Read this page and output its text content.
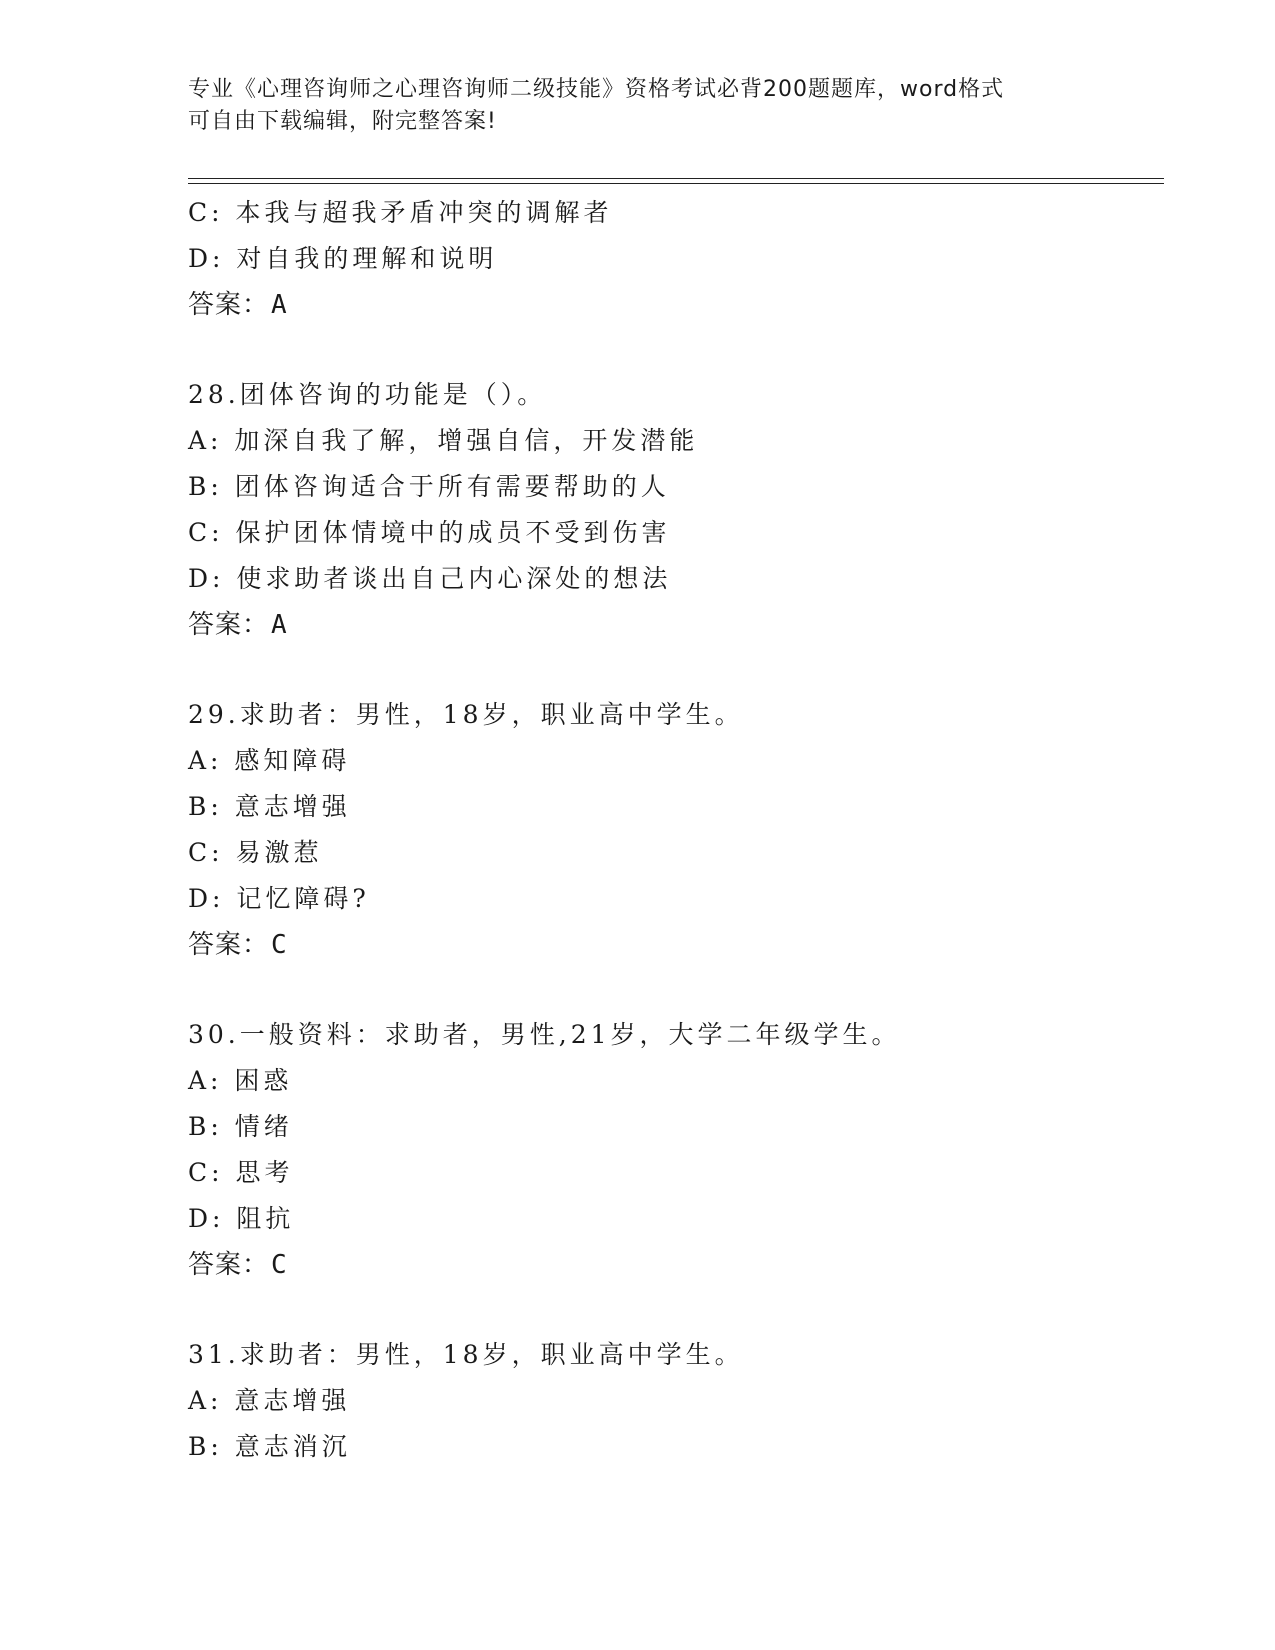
专业《心理咨询师之心理咨询师二级技能》资格考试必背200题题库，word格式
可自由下载编辑，附完整答案!
C: 本我与超我矛盾冲突的调解者
D: 对自我的理解和说明
答案：A
28.团体咨询的功能是（）。
A: 加深自我了解，增强自信，开发潜能
B: 团体咨询适合于所有需要帮助的人
C: 保护团体情境中的成员不受到伤害
D: 使求助者谈出自己内心深处的想法
答案：A
29.求助者：男性，18岁，职业高中学生。
A: 感知障碍
B: 意志增强
C: 易激惹
D: 记忆障碍?
答案：C
30.一般资料：求助者，男性,21岁，大学二年级学生。
A: 困惑
B: 情绪
C: 思考
D: 阻抗
答案：C
31.求助者：男性，18岁，职业高中学生。
A: 意志增强
B: 意志消沉
